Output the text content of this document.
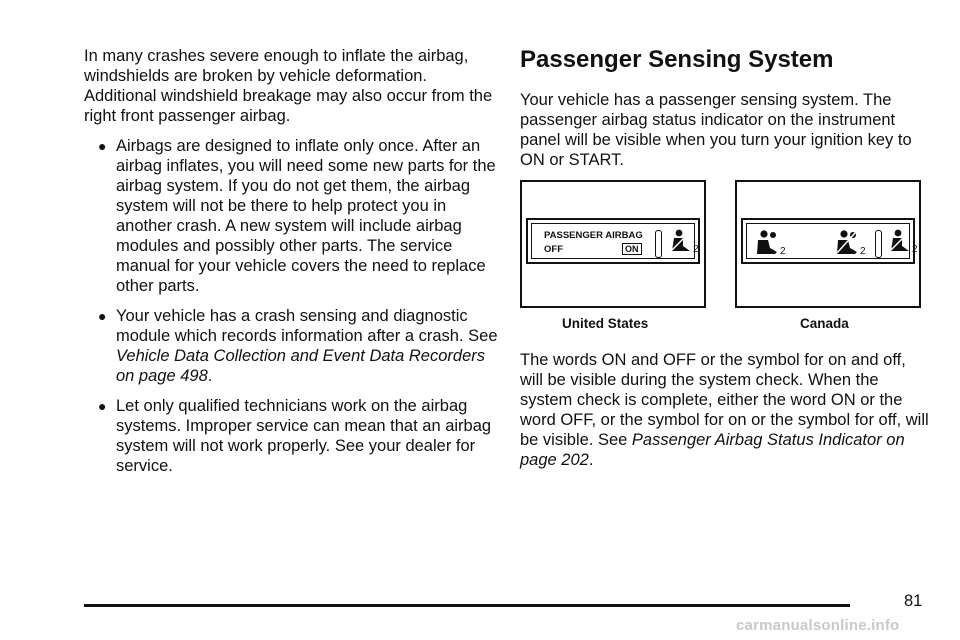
In many crashes severe enough to inflate the airbag, windshields are broken by vehicle deformation. Additional windshield breakage may also occur from the right front passenger airbag.

● Airbags are designed to inflate only once. After an airbag inflates, you will need some new parts for the airbag system. If you do not get them, the airbag system will not be there to help protect you in another crash. A new system will include airbag modules and possibly other parts. The service manual for your vehicle covers the need to replace other parts.
● Your vehicle has a crash sensing and diagnostic module which records information after a crash. See Vehicle Data Collection and Event Data Recorders on page 498.
● Let only qualified technicians work on the airbag systems. Improper service can mean that an airbag system will not work properly. See your dealer for service.
Passenger Sensing System

Your vehicle has a passenger sensing system. The passenger airbag status indicator on the instrument panel will be visible when you turn your ignition key to ON or START.

PASSENGER AIRBAG
OFF	ON	2	2	2	2
United States	Canada

The words ON and OFF or the symbol for on and off, will be visible during the system check. When the system check is complete, either the word ON or the word OFF, or the symbol for on or the symbol for off, will be visible. See Passenger Airbag Status Indicator on page 202.

81
carmanualsonline.info
